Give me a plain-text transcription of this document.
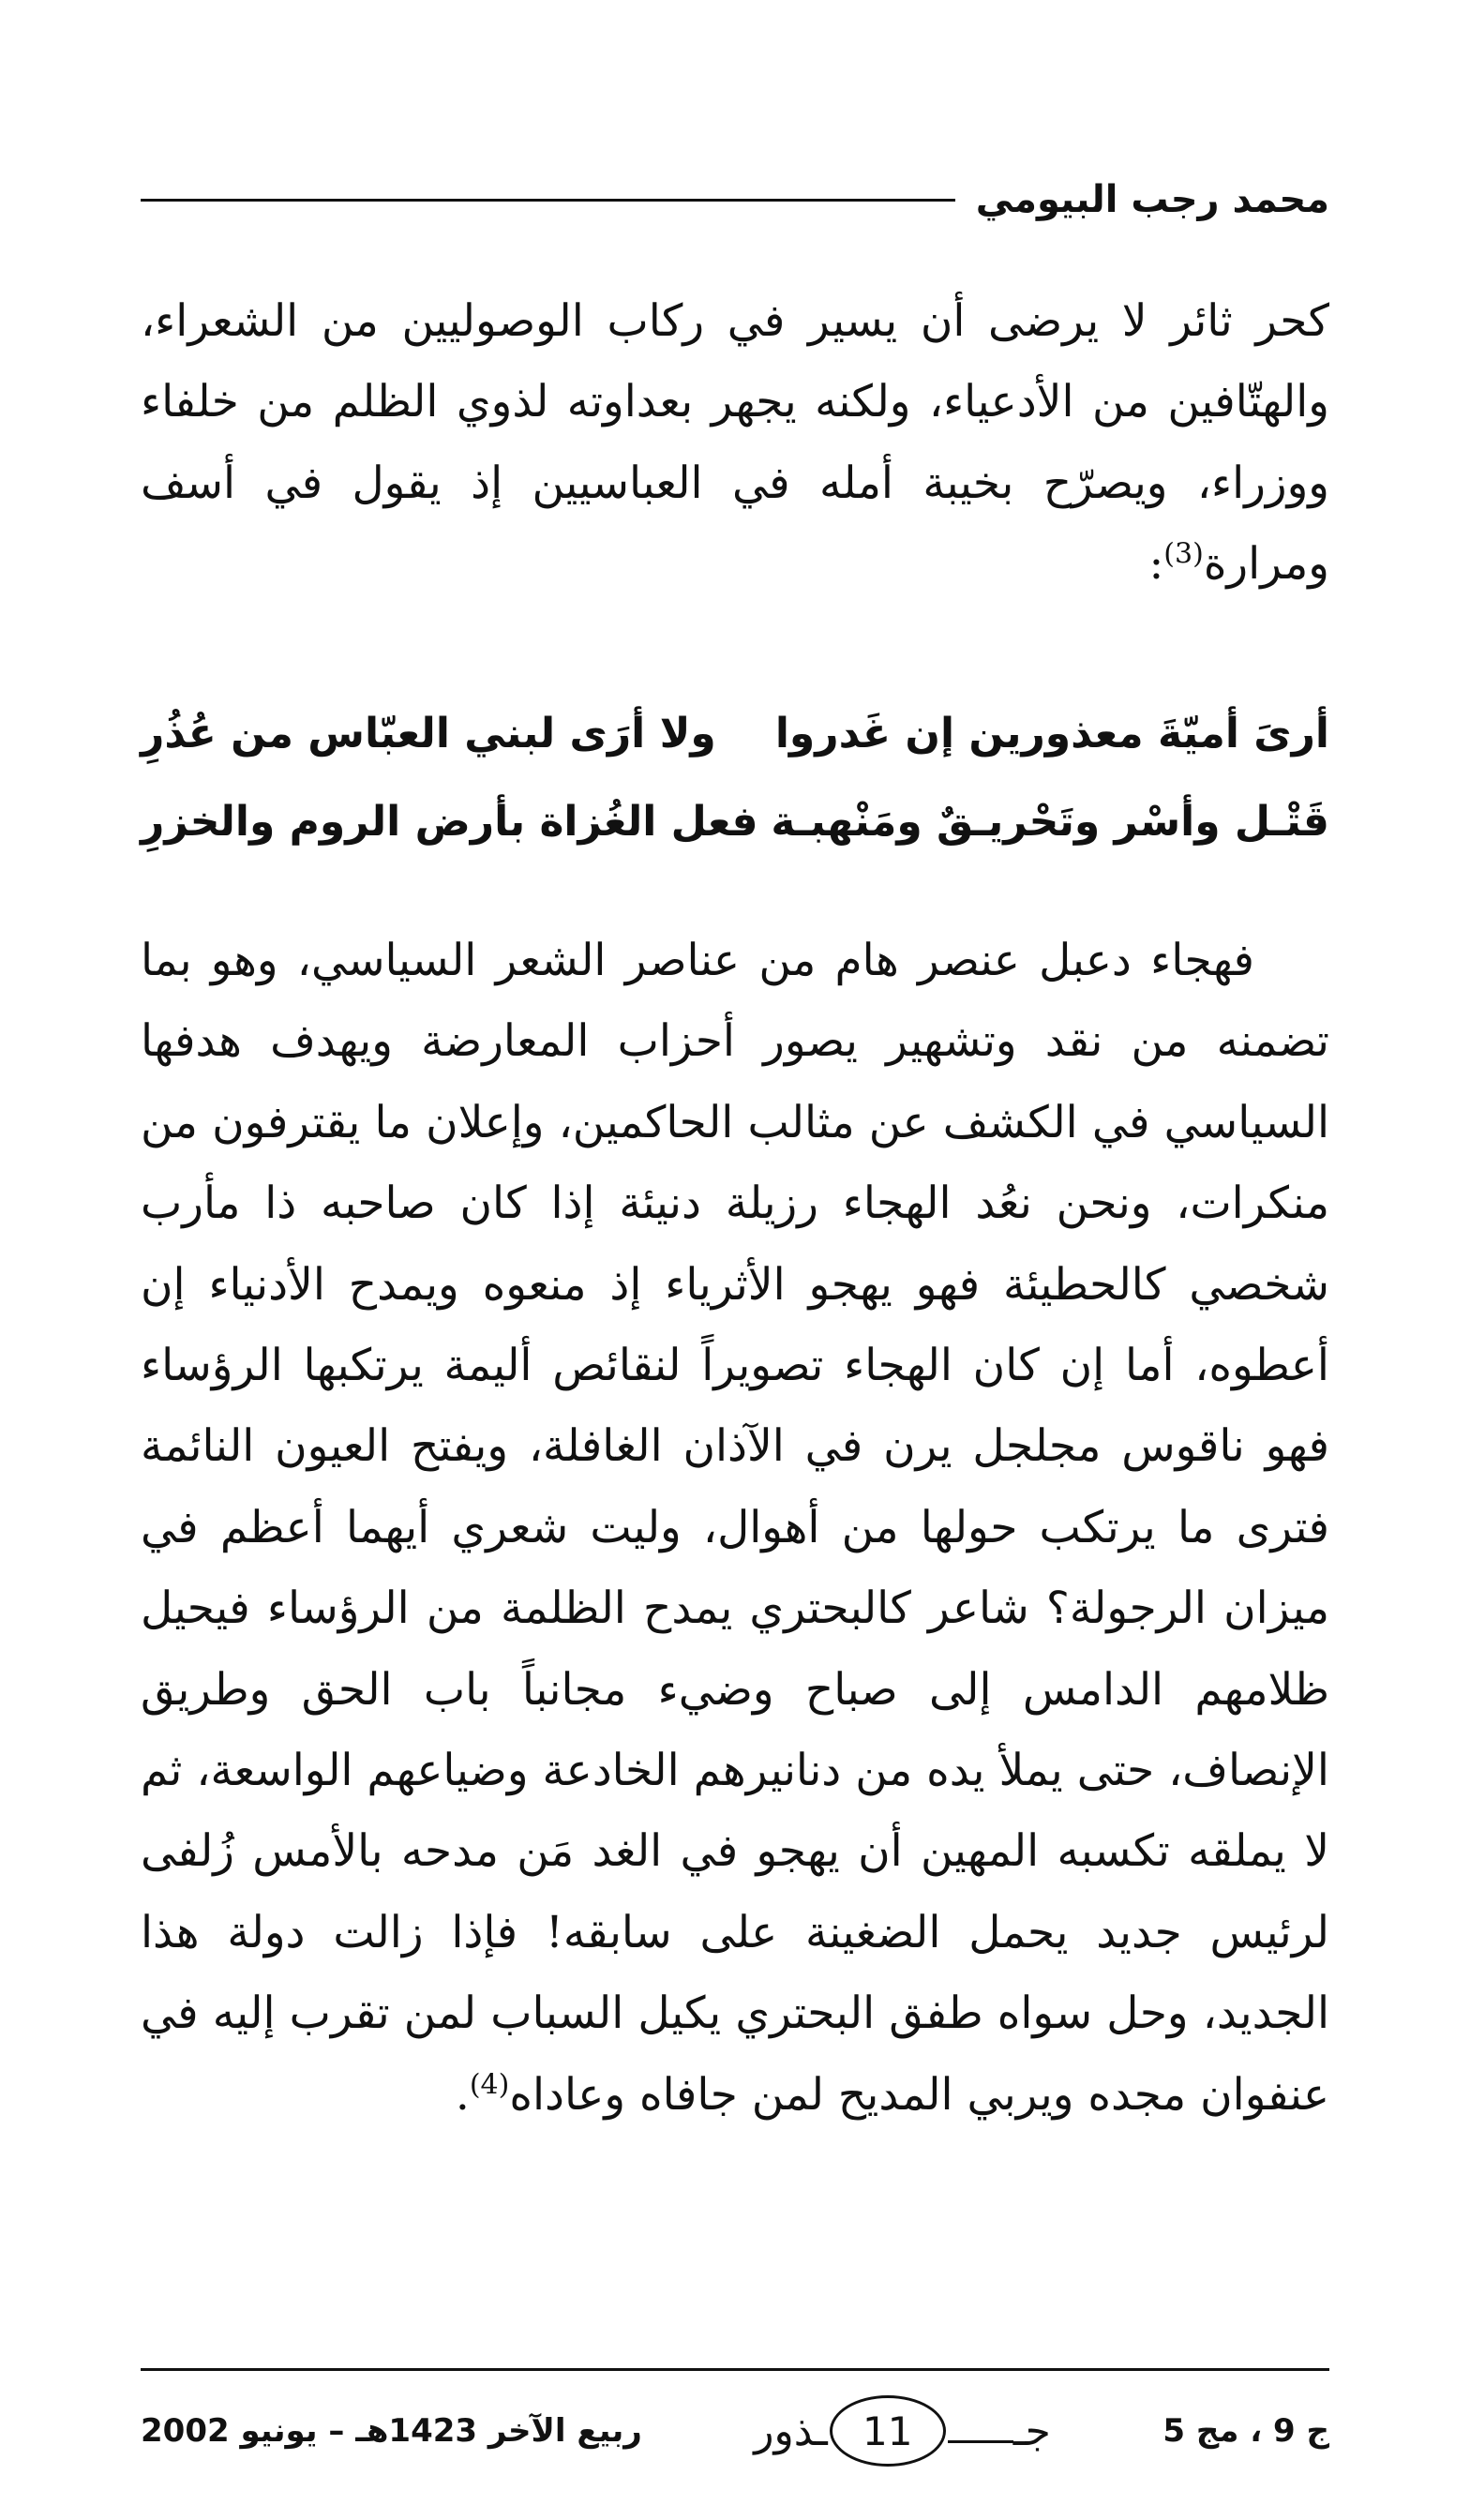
محمد رجب البيومي

كحر ثائر لا يرضى أن يسير في ركاب الوصوليين من الشعراء، والهتّافين من الأدعياء، ولكنه يجهر بعداوته لذوي الظلم من خلفاء ووزراء، ويصرّح بخيبة أمله في العباسيين إذ يقول في أسف ومرارة$^{(3)}$:

أرىَ أميّةَ معذورين إن غَدروا
ولا أرَى لبني العبّاس من عُذُرِ
قَتْـل وأسْر وتَحْريـقٌ ومَنْهبـة
فعل الغُزاة بأرض الروم والخزرِ

فهجاء دعبل عنصر هام من عناصر الشعر السياسي، وهو بما تضمنه من نقد وتشهير يصور أحزاب المعارضة ويهدف هدفها السياسي في الكشف عن مثالب الحاكمين، وإعلان ما يقترفون من منكرات، ونحن نعُد الهجاء رزيلة دنيئة إذا كان صاحبه ذا مأرب شخصي كالحطيئة فهو يهجو الأثرياء إذ منعوه ويمدح الأدنياء إن أعطوه، أما إن كان الهجاء تصويراً لنقائص أليمة يرتكبها الرؤساء فهو ناقوس مجلجل يرن في الآذان الغافلة، ويفتح العيون النائمة فترى ما يرتكب حولها من أهوال، وليت شعري أيهما أعظم في ميزان الرجولة؟ شاعر كالبحتري يمدح الظلمة من الرؤساء فيحيل ظلامهم الدامس إلى صباح وضيء مجانباً باب الحق وطريق الإنصاف، حتى يملأ يده من دنانيرهم الخادعة وضياعهم الواسعة، ثم لا يملقه تكسبه المهين أن يهجو في الغد مَن مدحه بالأمس زُلفى لرئيس جديد يحمل الضغينة على سابقه! فإذا زالت دولة هذا الجديد، وحل سواه طفق البحتري يكيل السباب لمن تقرب إليه في عنفوان مجده ويربي المديح لمن جافاه وعاداه$^{(4)}$.

ج 9 ، مج 5
جـ
11
ـذور
ربيع الآخر 1423هـ – يونيو 2002
